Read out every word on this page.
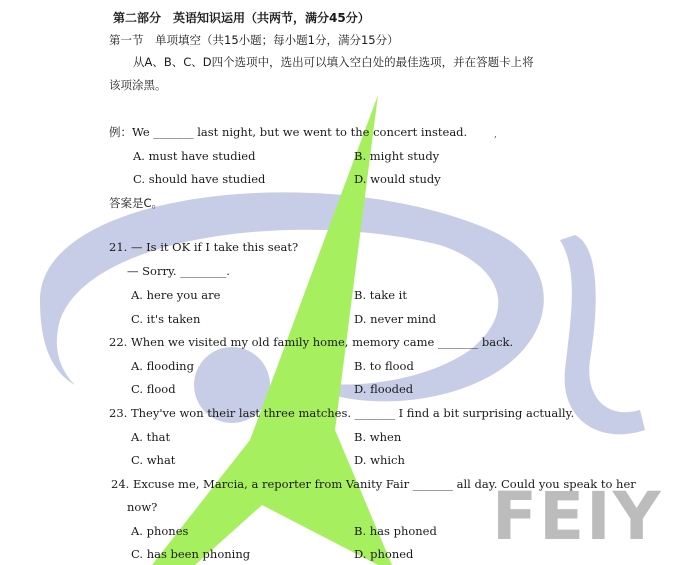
FEIY
第二部分　英语知识运用（共两节，满分45分）
第一节　单项填空（共15小题；每小题1分，满分15分）
从A、B、C、D四个选项中，选出可以填入空白处的最佳选项，并在答题卡上将
该项涂黑。
例：We _______ last night, but we went to the concert instead.	,
A. must have studied	B. might study
C. should have studied	D. would study
答案是C。
21. — Is it OK if I take this seat?
— Sorry. ________.
A. here you are	B. take it
C. it's taken	D. never mind
22. When we visited my old family home, memory came _______ back.
A. flooding	B. to flood
C. flood	D. flooded
23. They've won their last three matches. _______ I find a bit surprising actually.
A. that	B. when
C. what	D. which
24. Excuse me, Marcia, a reporter from Vanity Fair _______ all day. Could you speak to her
now?
A. phones	B. has phoned
C. has been phoning	D. phoned
